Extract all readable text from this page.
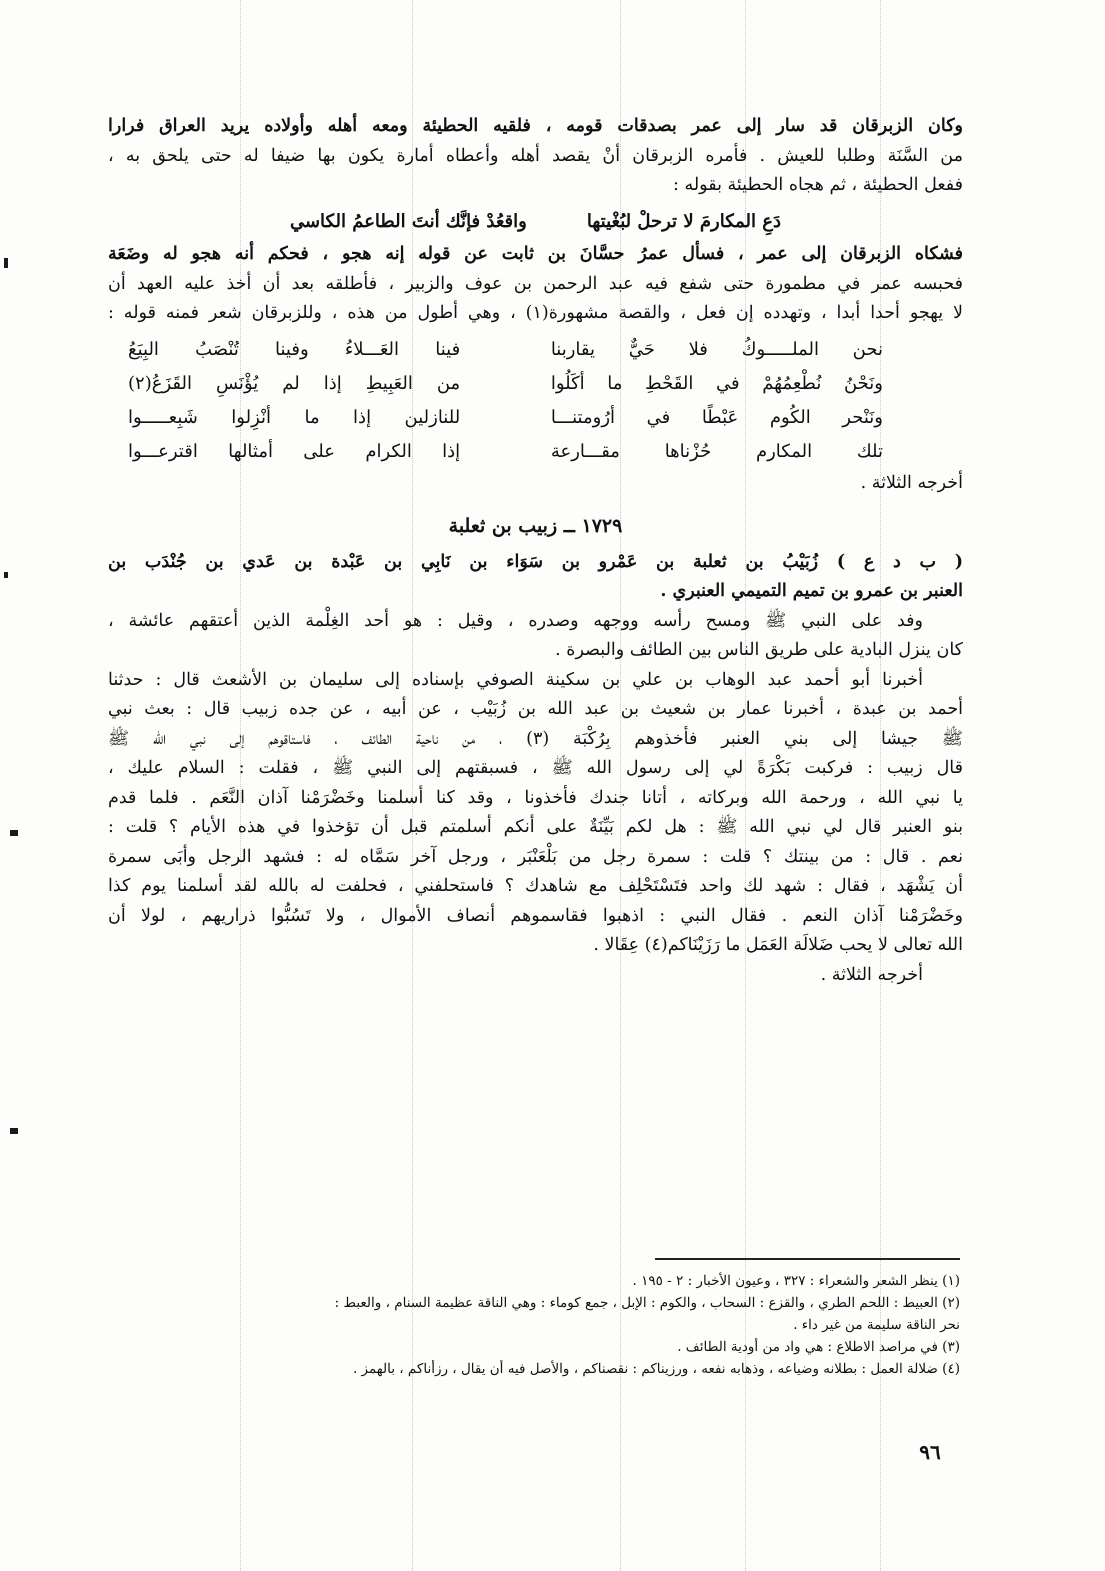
وكان الزبرقان قد سار إلى عمر بصدقات قومه ، فلقيه الحطيئة ومعه أهله وأولاده يريد العراق فرارا
من السَّنَة وطلبا للعيش . فأمره الزبرقان أنْ يقصد أهله وأعطاه أمارة يكون بها ضيفا له حتى يلحق به ،
ففعل الحطيئة ، ثم هجاه الحطيئة بقوله :
دَعِ المكارمَ لا ترحلْ لبُغْيتها
واقعُدْ فإنَّك أنتَ الطاعمُ الكاسي
فشكاه الزبرقان إلى عمر ، فسأل عمرُ حسَّانَ بن ثابت عن قوله إنه هجو ، فحكم أنه هجو له وضَعَة
فحبسه عمر في مطمورة حتى شفع فيه عبد الرحمن بن عوف والزبير ، فأطلقه بعد أن أخذ عليه العهد أن
لا يهجو أحدا أبدا ، وتهدده إن فعل ، والقصة مشهورة(١) ، وهي أطول من هذه ، وللزبرقان شعر فمنه قوله :
نحن الملـــــوكُ فلا حَيٌّ يقاربنا
فينا العَـــلاءُ وفينا تُنْصَبُ البِيَعُ
ونَحْنُ نُطْعِمُهُمْ في القَحْطِ ما أكَلُوا
من العَبِيطِ إذا لم يُؤْنَسِ القَزَعُ(٢)
ونَنْحر الكُوم عَبْطًا في أرُومتنـــا
للنازلين إذا ما أنْزِلوا شَبِعـــــوا
تلك المكارم حُزْناها مقـــارعة
إذا الكرام على أمثالها اقترعـــوا
أخرجه الثلاثة .
١٧٢٩ ــ زبيب بن ثعلبة
( ب د ع ) زُبَيْبُ بن ثعلبة بن عَمْرو بن سَوَاء بن نَابِي بن عَبْدة بن عَدي بن جُنْدَب بن
العنبر بن عمرو بن تميم التميمي العنبري .
وفد على النبي ﷺ ومسح رأسه ووجهه وصدره ، وقيل : هو أحد الغِلْمة الذين أعتقهم عائشة ،
كان ينزل البادية على طريق الناس بين الطائف والبصرة .
أخبرنا أبو أحمد عبد الوهاب بن علي بن سكينة الصوفي بإسناده إلى سليمان بن الأشعث قال : حدثنا
أحمد بن عبدة ، أخبرنا عمار بن شعيث بن عبد الله بن زُبَيْب ، عن أبيه ، عن جده زبيب قال : بعث نبي
ﷺ جيشا إلى بني العنبر فأخذوهم بِرُكْبَة (٣) ، من ناحية الطائف ، فاستاقوهم إلى نبي الله ﷺ
قال زبيب : فركبت بَكْرَةً لي إلى رسول الله ﷺ ، فسبقتهم إلى النبي ﷺ ، فقلت : السلام عليك ،
يا نبي الله ، ورحمة الله وبركاته ، أتانا جندك فأخذونا ، وقد كنا أسلمنا وخَضْرَمْنا آذان النَّعَم . فلما قدم
بنو العنبر قال لي نبي الله ﷺ : هل لكم بَيِّنَةٌ على أنكم أسلمتم قبل أن تؤخذوا في هذه الأيام ؟ قلت :
نعم . قال : من بينتك ؟ قلت : سمرة رجل من بَلْعَنْبَر ، ورجل آخر سَمَّاه له : فشهد الرجل وأبَى سمرة
أن يَشْهَد ، فقال : شهد لك واحد فتَسْتَحْلِف مع شاهدك ؟ فاستحلفني ، فحلفت له بالله لقد أسلمنا يوم كذا
وخَضْرَمْنا آذان النعم . فقال النبي : اذهبوا فقاسموهم أنصاف الأموال ، ولا تَسُبُّوا ذراريهم ، لولا أن
الله تعالى لا يحب ضَلالَة العَمَل ما رَزَيْنَاكم(٤) عِقَالا .
أخرجه الثلاثة .
(١) ينظر الشعر والشعراء : ٣٢٧ ، وعيون الأخبار : ٢ - ١٩٥ .
(٢) العبيط : اللحم الطري ، والقزع : السحاب ، والكوم : الإبل ، جمع كوماء : وهي الناقة عظيمة السنام ، والعبط :
نحر الناقة سليمة من غير داء .
(٣) في مراصد الاطلاع : هي واد من أودية الطائف .
(٤) ضلالة العمل : بطلانه وضياعه ، وذهابه نفعه ، ورزيناكم : نقصناكم ، والأصل فيه أن يقال ، رزأناكم ، بالهمز .
٩٦
